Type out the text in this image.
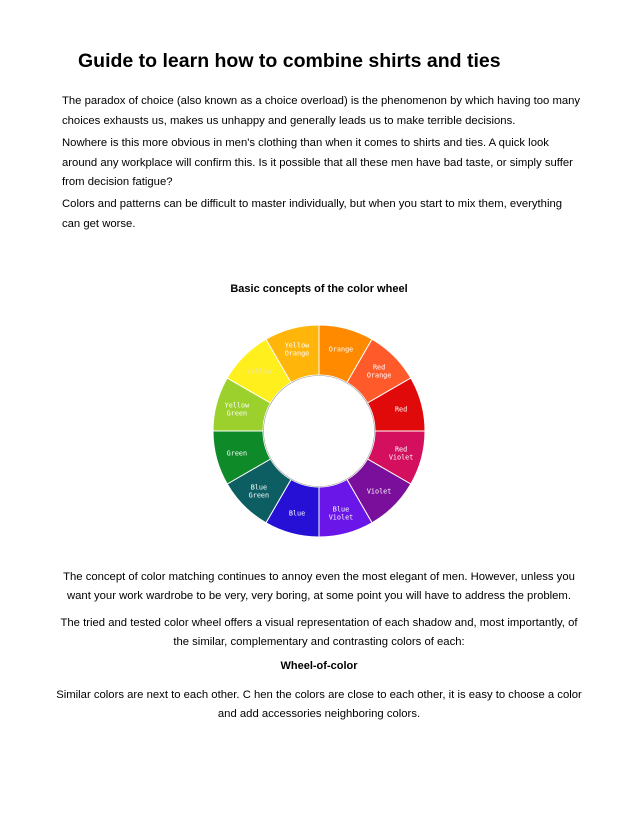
Guide to learn how to combine shirts and ties

The paradox of choice (also known as a choice overload) is the phenomenon by which having too many choices exhausts us, makes us unhappy and generally leads us to make terrible decisions.

Nowhere is this more obvious in men's clothing than when it comes to shirts and ties. A quick look around any workplace will confirm this. Is it possible that all these men have bad taste, or simply suffer from decision fatigue?

Colors and patterns can be difficult to master individually, but when you start to mix them, everything can get worse.

Basic concepts of the color wheel
Orange
Red Orange
Red
Red Violet
Violet
Blue Violet
Blue
Blue Green
Green
Yellow Green
Yellow
Yellow Orange

The concept of color matching continues to annoy even the most elegant of men. However, unless you want your work wardrobe to be very, very boring, at some point you will have to address the problem.

The tried and tested color wheel offers a visual representation of each shadow and, most importantly, of the similar, complementary and contrasting colors of each:

Wheel-of-color

Similar colors are next to each other. C hen the colors are close to each other, it is easy to choose a color and add accessories neighboring colors.
